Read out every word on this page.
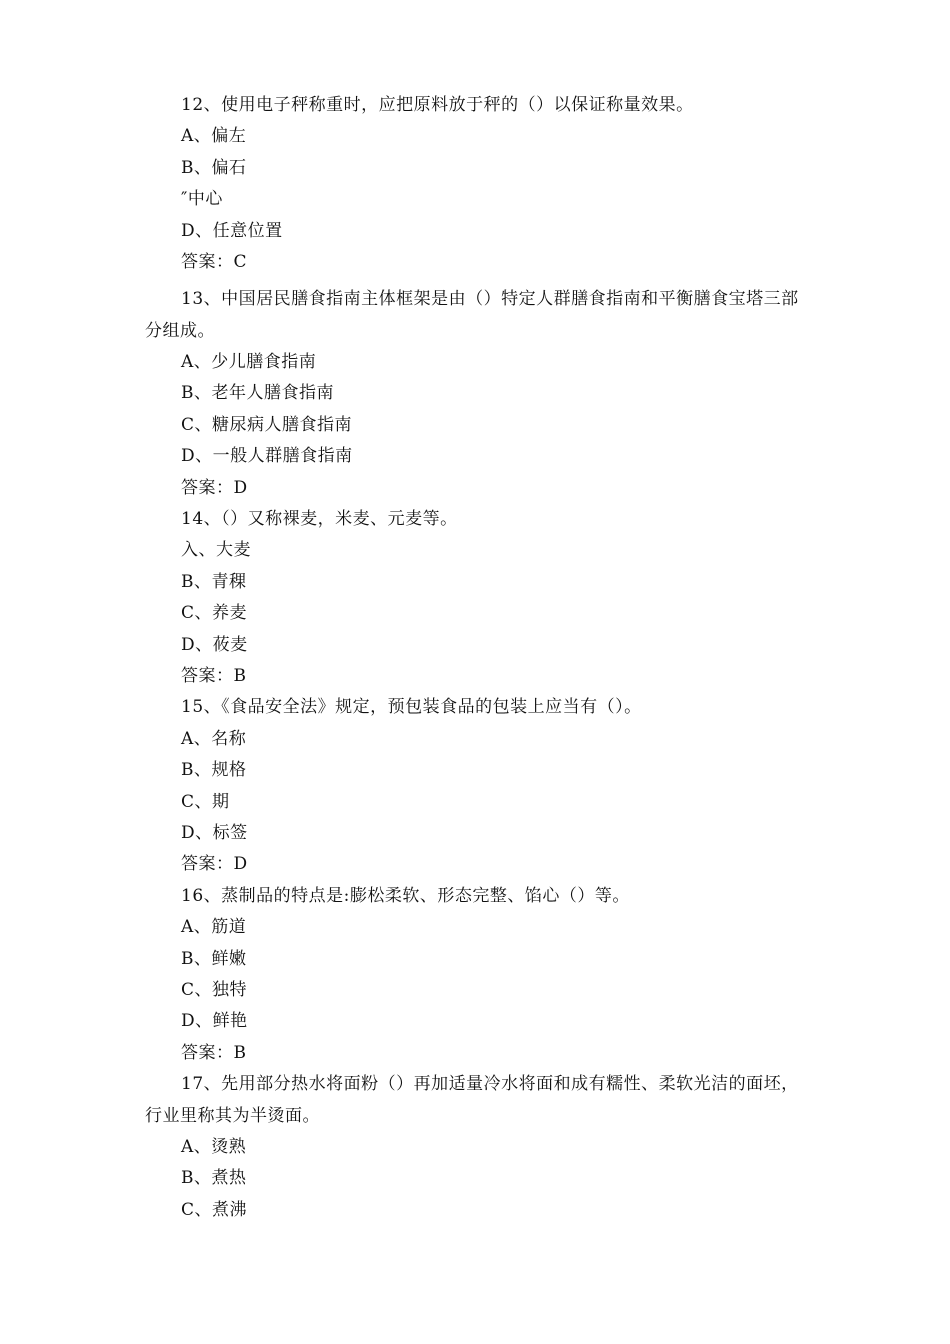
12、使用电子秤称重时，应把原料放于秤的（）以保证称量效果。
A、偏左
B、偏石
″中心
D、任意位置
答案：C
13、中国居民膳食指南主体框架是由（）特定人群膳食指南和平衡膳食宝塔三部
分组成。
A、少儿膳食指南
B、老年人膳食指南
C、糖尿病人膳食指南
D、一般人群膳食指南
答案：D
14、（）又称裸麦，米麦、元麦等。
入、大麦
B、青稞
C、养麦
D、莜麦
答案：B
15、《食品安全法》规定，预包装食品的包装上应当有（）。
A、名称
B、规格
C、期
D、标签
答案：D
16、蒸制品的特点是:膨松柔软、形态完整、馅心（）等。
A、筋道
B、鲜嫩
C、独特
D、鲜艳
答案：B
17、先用部分热水将面粉（）再加适量冷水将面和成有糯性、柔软光洁的面坯，
行业里称其为半烫面。
A、烫熟
B、煮热
C、煮沸
